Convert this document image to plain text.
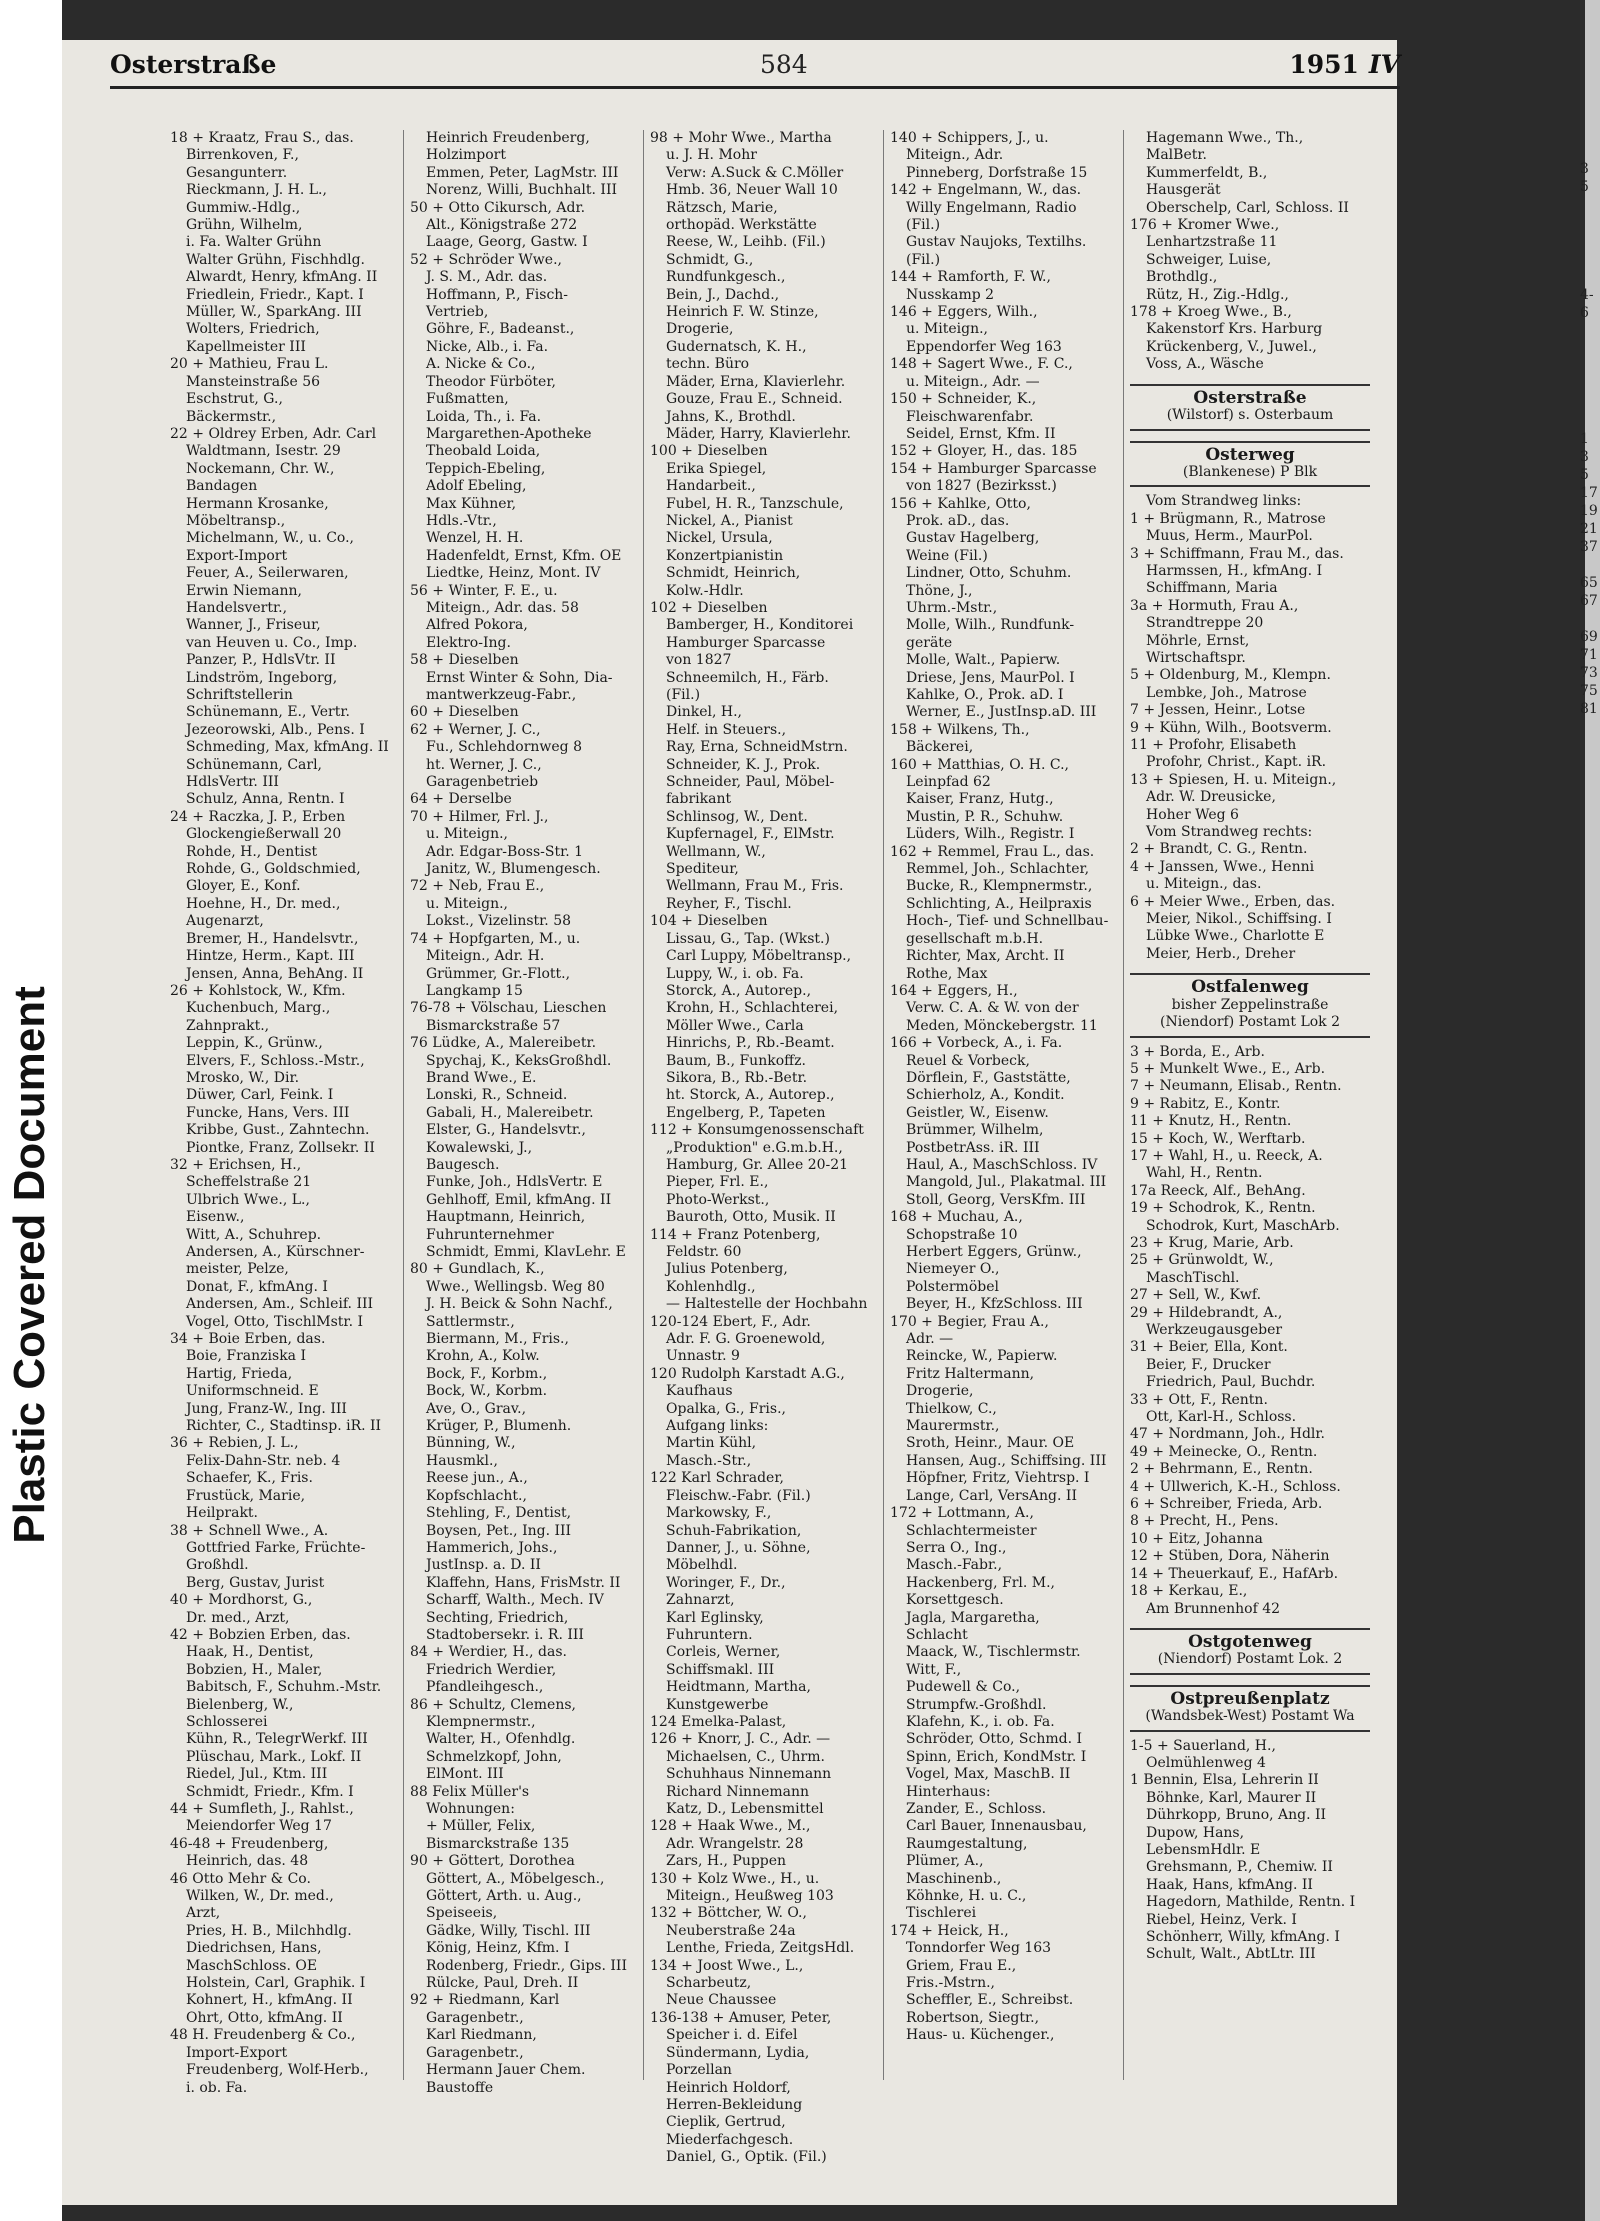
Plastic Covered Document
Osterstraße	584	1951 IV
18 + Kraatz, Frau S., das.
Birrenkoven, F.,
Gesangunterr.
Rieckmann, J. H. L.,
Gummiw.-Hdlg.,
Grühn, Wilhelm,
i. Fa. Walter Grühn
Walter Grühn, Fischhdlg.
Alwardt, Henry, kfmAng. II
Friedlein, Friedr., Kapt. I
Müller, W., SparkAng. III
Wolters, Friedrich,
Kapellmeister III
20 + Mathieu, Frau L.
Mansteinstraße 56
Eschstrut, G.,
Bäckermstr.,
22 + Oldrey Erben, Adr. Carl
Waldtmann, Isestr. 29
Nockemann, Chr. W.,
Bandagen
Hermann Krosanke,
Möbeltransp.,
Michelmann, W., u. Co.,
Export-Import
Feuer, A., Seilerwaren,
Erwin Niemann,
Handelsvertr.,
Wanner, J., Friseur,
van Heuven u. Co., Imp.
Panzer, P., HdlsVtr. II
Lindström, Ingeborg,
Schriftstellerin
Schünemann, E., Vertr.
Jezeorowski, Alb., Pens. I
Schmeding, Max, kfmAng. II
Schünemann, Carl,
HdlsVertr. III
Schulz, Anna, Rentn. I
24 + Raczka, J. P., Erben
Glockengießerwall 20
Rohde, H., Dentist
Rohde, G., Goldschmied,
Gloyer, E., Konf.
Hoehne, H., Dr. med.,
Augenarzt,
Bremer, H., Handelsvtr.,
Hintze, Herm., Kapt. III
Jensen, Anna, BehAng. II
26 + Kohlstock, W., Kfm.
Kuchenbuch, Marg.,
Zahnprakt.,
Leppin, K., Grünw.,
Elvers, F., Schloss.-Mstr.,
Mrosko, W., Dir.
Düwer, Carl, Feink. I
Funcke, Hans, Vers. III
Kribbe, Gust., Zahntechn.
Piontke, Franz, Zollsekr. II
32 + Erichsen, H.,
Scheffelstraße 21
Ulbrich Wwe., L.,
Eisenw.,
Witt, A., Schuhrep.
Andersen, A., Kürschner-
meister, Pelze,
Donat, F., kfmAng. I
Andersen, Am., Schleif. III
Vogel, Otto, TischlMstr. I
34 + Boie Erben, das.
Boie, Franziska I
Hartig, Frieda,
Uniformschneid. E
Jung, Franz-W., Ing. III
Richter, C., Stadtinsp. iR. II
36 + Rebien, J. L.,
Felix-Dahn-Str. neb. 4
Schaefer, K., Fris.
Frustück, Marie,
Heilprakt.
38 + Schnell Wwe., A.
Gottfried Farke, Früchte-
Großhdl.
Berg, Gustav, Jurist
40 + Mordhorst, G.,
Dr. med., Arzt,
42 + Bobzien Erben, das.
Haak, H., Dentist,
Bobzien, H., Maler,
Babitsch, F., Schuhm.-Mstr.
Bielenberg, W.,
Schlosserei
Kühn, R., TelegrWerkf. III
Plüschau, Mark., Lokf. II
Riedel, Jul., Ktm. III
Schmidt, Friedr., Kfm. I
44 + Sumfleth, J., Rahlst.,
Meiendorfer Weg 17
46-48 + Freudenberg,
Heinrich, das. 48
46 Otto Mehr & Co.
Wilken, W., Dr. med.,
Arzt,
Pries, H. B., Milchhdlg.
Diedrichsen, Hans,
MaschSchloss. OE
Holstein, Carl, Graphik. I
Kohnert, H., kfmAng. II
Ohrt, Otto, kfmAng. II
48 H. Freudenberg & Co.,
Import-Export
Freudenberg, Wolf-Herb.,
i. ob. Fa.
Heinrich Freudenberg,
Holzimport
Emmen, Peter, LagMstr. III
Norenz, Willi, Buchhalt. III
50 + Otto Cikursch, Adr.
Alt., Königstraße 272
Laage, Georg, Gastw. I
52 + Schröder Wwe.,
J. S. M., Adr. das.
Hoffmann, P., Fisch-
Vertrieb,
Göhre, F., Badeanst.,
Nicke, Alb., i. Fa.
A. Nicke & Co.,
Theodor Fürböter,
Fußmatten,
Loida, Th., i. Fa.
Margarethen-Apotheke
Theobald Loida,
Teppich-Ebeling,
Adolf Ebeling,
Max Kühner,
Hdls.-Vtr.,
Wenzel, H. H.
Hadenfeldt, Ernst, Kfm. OE
Liedtke, Heinz, Mont. IV
56 + Winter, F. E., u.
Miteign., Adr. das. 58
Alfred Pokora,
Elektro-Ing.
58 + Dieselben
Ernst Winter & Sohn, Dia-
mantwerkzeug-Fabr.,
60 + Dieselben
62 + Werner, J. C.,
Fu., Schlehdornweg 8
ht. Werner, J. C.,
Garagenbetrieb
64 + Derselbe
70 + Hilmer, Frl. J.,
u. Miteign.,
Adr. Edgar-Boss-Str. 1
Janitz, W., Blumengesch.
72 + Neb, Frau E.,
u. Miteign.,
Lokst., Vizelinstr. 58
74 + Hopfgarten, M., u.
Miteign., Adr. H.
Grümmer, Gr.-Flott.,
Langkamp 15
76-78 + Völschau, Lieschen
Bismarckstraße 57
76 Lüdke, A., Malereibetr.
Spychaj, K., KeksGroßhdl.
Brand Wwe., E.
Lonski, R., Schneid.
Gabali, H., Malereibetr.
Elster, G., Handelsvtr.,
Kowalewski, J.,
Baugesch.
Funke, Joh., HdlsVertr. E
Gehlhoff, Emil, kfmAng. II
Hauptmann, Heinrich,
Fuhrunternehmer
Schmidt, Emmi, KlavLehr. E
80 + Gundlach, K.,
Wwe., Wellingsb. Weg 80
J. H. Beick & Sohn Nachf.,
Sattlermstr.,
Biermann, M., Fris.,
Krohn, A., Kolw.
Bock, F., Korbm.,
Bock, W., Korbm.
Ave, O., Grav.,
Krüger, P., Blumenh.
Bünning, W.,
Hausmkl.,
Reese jun., A.,
Kopfschlacht.,
Stehling, F., Dentist,
Boysen, Pet., Ing. III
Hammerich, Johs.,
JustInsp. a. D. II
Klaffehn, Hans, FrisMstr. II
Scharff, Walth., Mech. IV
Sechting, Friedrich,
Stadtobersekr. i. R. III
84 + Werdier, H., das.
Friedrich Werdier,
Pfandleihgesch.,
86 + Schultz, Clemens,
Klempnermstr.,
Walter, H., Ofenhdlg.
Schmelzkopf, John,
ElMont. III
88 Felix Müller's
Wohnungen:
+ Müller, Felix,
Bismarckstraße 135
90 + Göttert, Dorothea
Göttert, A., Möbelgesch.,
Göttert, Arth. u. Aug.,
Speiseeis,
Gädke, Willy, Tischl. III
König, Heinz, Kfm. I
Rodenberg, Friedr., Gips. III
Rülcke, Paul, Dreh. II
92 + Riedmann, Karl
Garagenbetr.,
Karl Riedmann,
Garagenbetr.,
Hermann Jauer Chem.
Baustoffe
98 + Mohr Wwe., Martha
u. J. H. Mohr
Verw: A.Suck & C.Möller
Hmb. 36, Neuer Wall 10
Rätzsch, Marie,
orthopäd. Werkstätte
Reese, W., Leihb. (Fil.)
Schmidt, G.,
Rundfunkgesch.,
Bein, J., Dachd.,
Heinrich F. W. Stinze,
Drogerie,
Gudernatsch, K. H.,
techn. Büro
Mäder, Erna, Klavierlehr.
Gouze, Frau E., Schneid.
Jahns, K., Brothdl.
Mäder, Harry, Klavierlehr.
100 + Dieselben
Erika Spiegel,
Handarbeit.,
Fubel, H. R., Tanzschule,
Nickel, A., Pianist
Nickel, Ursula,
Konzertpianistin
Schmidt, Heinrich,
Kolw.-Hdlr.
102 + Dieselben
Bamberger, H., Konditorei
Hamburger Sparcasse
von 1827
Schneemilch, H., Färb.
(Fil.)
Dinkel, H.,
Helf. in Steuers.,
Ray, Erna, SchneidMstrn.
Schneider, K. J., Prok.
Schneider, Paul, Möbel-
fabrikant
Schlinsog, W., Dent.
Kupfernagel, F., ElMstr.
Wellmann, W.,
Spediteur,
Wellmann, Frau M., Fris.
Reyher, F., Tischl.
104 + Dieselben
Lissau, G., Tap. (Wkst.)
Carl Luppy, Möbeltransp.,
Luppy, W., i. ob. Fa.
Storck, A., Autorep.,
Krohn, H., Schlachterei,
Möller Wwe., Carla
Hinrichs, P., Rb.-Beamt.
Baum, B., Funkoffz.
Sikora, B., Rb.-Betr.
ht. Storck, A., Autorep.,
Engelberg, P., Tapeten
112 + Konsumgenossenschaft
„Produktion" e.G.m.b.H.,
Hamburg, Gr. Allee 20-21
Pieper, Frl. E.,
Photo-Werkst.,
Bauroth, Otto, Musik. II
114 + Franz Potenberg,
Feldstr. 60
Julius Potenberg,
Kohlenhdlg.,
— Haltestelle der Hochbahn
120-124 Ebert, F., Adr.
Adr. F. G. Groenewold,
Unnastr. 9
120 Rudolph Karstadt A.G.,
Kaufhaus
Opalka, G., Fris.,
Aufgang links:
Martin Kühl,
Masch.-Str.,
122 Karl Schrader,
Fleischw.-Fabr. (Fil.)
Markowsky, F.,
Schuh-Fabrikation,
Danner, J., u. Söhne,
Möbelhdl.
Woringer, F., Dr.,
Zahnarzt,
Karl Eglinsky,
Fuhruntern.
Corleis, Werner,
Schiffsmakl. III
Heidtmann, Martha,
Kunstgewerbe
124 Emelka-Palast,
126 + Knorr, J. C., Adr. —
Michaelsen, C., Uhrm.
Schuhhaus Ninnemann
Richard Ninnemann
Katz, D., Lebensmittel
128 + Haak Wwe., M.,
Adr. Wrangelstr. 28
Zars, H., Puppen
130 + Kolz Wwe., H., u.
Miteign., Heußweg 103
132 + Böttcher, W. O.,
Neuberstraße 24a
Lenthe, Frieda, ZeitgsHdl.
134 + Joost Wwe., L.,
Scharbeutz,
Neue Chaussee
136-138 + Amuser, Peter,
Speicher i. d. Eifel
Sündermann, Lydia,
Porzellan
Heinrich Holdorf,
Herren-Bekleidung
Cieplik, Gertrud,
Miederfachgesch.
Daniel, G., Optik. (Fil.)
140 + Schippers, J., u.
Miteign., Adr.
Pinneberg, Dorfstraße 15
142 + Engelmann, W., das.
Willy Engelmann, Radio
(Fil.)
Gustav Naujoks, Textilhs.
(Fil.)
144 + Ramforth, F. W.,
Nusskamp 2
146 + Eggers, Wilh.,
u. Miteign.,
Eppendorfer Weg 163
148 + Sagert Wwe., F. C.,
u. Miteign., Adr. —
150 + Schneider, K.,
Fleischwarenfabr.
Seidel, Ernst, Kfm. II
152 + Gloyer, H., das. 185
154 + Hamburger Sparcasse
von 1827 (Bezirksst.)
156 + Kahlke, Otto,
Prok. aD., das.
Gustav Hagelberg,
Weine (Fil.)
Lindner, Otto, Schuhm.
Thöne, J.,
Uhrm.-Mstr.,
Molle, Wilh., Rundfunk-
geräte
Molle, Walt., Papierw.
Driese, Jens, MaurPol. I
Kahlke, O., Prok. aD. I
Werner, E., JustInsp.aD. III
158 + Wilkens, Th.,
Bäckerei,
160 + Matthias, O. H. C.,
Leinpfad 62
Kaiser, Franz, Hutg.,
Mustin, P. R., Schuhw.
Lüders, Wilh., Registr. I
162 + Remmel, Frau L., das.
Remmel, Joh., Schlachter,
Bucke, R., Klempnermstr.,
Schlichting, A., Heilpraxis
Hoch-, Tief- und Schnellbau-
gesellschaft m.b.H.
Richter, Max, Archt. II
Rothe, Max
164 + Eggers, H.,
Verw. C. A. & W. von der
Meden, Mönckebergstr. 11
166 + Vorbeck, A., i. Fa.
Reuel & Vorbeck,
Dörflein, F., Gaststätte,
Schierholz, A., Kondit.
Geistler, W., Eisenw.
Brümmer, Wilhelm,
PostbetrAss. iR. III
Haul, A., MaschSchloss. IV
Mangold, Jul., Plakatmal. III
Stoll, Georg, VersKfm. III
168 + Muchau, A.,
Schopstraße 10
Herbert Eggers, Grünw.,
Niemeyer O.,
Polstermöbel
Beyer, H., KfzSchloss. III
170 + Begier, Frau A.,
Adr. —
Reincke, W., Papierw.
Fritz Haltermann,
Drogerie,
Thielkow, C.,
Maurermstr.,
Sroth, Heinr., Maur. OE
Hansen, Aug., Schiffsing. III
Höpfner, Fritz, Viehtrsp. I
Lange, Carl, VersAng. II
172 + Lottmann, A.,
Schlachtermeister
Serra O., Ing.,
Masch.-Fabr.,
Hackenberg, Frl. M.,
Korsettgesch.
Jagla, Margaretha,
Schlacht
Maack, W., Tischlermstr.
Witt, F.,
Pudewell & Co.,
Strumpfw.-Großhdl.
Klafehn, K., i. ob. Fa.
Schröder, Otto, Schmd. I
Spinn, Erich, KondMstr. I
Vogel, Max, MaschB. II
Hinterhaus:
Zander, E., Schloss.
Carl Bauer, Innenausbau,
Raumgestaltung,
Plümer, A.,
Maschinenb.,
Köhnke, H. u. C.,
Tischlerei
174 + Heick, H.,
Tonndorfer Weg 163
Griem, Frau E.,
Fris.-Mstrn.,
Scheffler, E., Schreibst.
Robertson, Siegtr.,
Haus- u. Küchenger.,
Hagemann Wwe., Th.,
MalBetr.
Kummerfeldt, B.,
Hausgerät
Oberschelp, Carl, Schloss. II
176 + Kromer Wwe.,
Lenhartzstraße 11
Schweiger, Luise,
Brothdlg.,
Rütz, H., Zig.-Hdlg.,
178 + Kroeg Wwe., B.,
Kakenstorf Krs. Harburg
Krückenberg, V., Juwel.,
Voss, A., Wäsche
Osterstraße
(Wilstorf) s. Osterbaum
Osterweg
(Blankenese) P Blk
Vom Strandweg links:
1 + Brügmann, R., Matrose
Muus, Herm., MaurPol.
3 + Schiffmann, Frau M., das.
Harmssen, H., kfmAng. I
Schiffmann, Maria
3a + Hormuth, Frau A.,
Strandtreppe 20
Möhrle, Ernst,
Wirtschaftspr.
5 + Oldenburg, M., Klempn.
Lembke, Joh., Matrose
7 + Jessen, Heinr., Lotse
9 + Kühn, Wilh., Bootsverm.
11 + Profohr, Elisabeth
Profohr, Christ., Kapt. iR.
13 + Spiesen, H. u. Miteign.,
Adr. W. Dreusicke,
Hoher Weg 6
Vom Strandweg rechts:
2 + Brandt, C. G., Rentn.
4 + Janssen, Wwe., Henni
u. Miteign., das.
6 + Meier Wwe., Erben, das.
Meier, Nikol., Schiffsing. I
Lübke Wwe., Charlotte E
Meier, Herb., Dreher
Ostfalenweg
bisher Zeppelinstraße
(Niendorf) Postamt Lok 2
3 + Borda, E., Arb.
5 + Munkelt Wwe., E., Arb.
7 + Neumann, Elisab., Rentn.
9 + Rabitz, E., Kontr.
11 + Knutz, H., Rentn.
15 + Koch, W., Werftarb.
17 + Wahl, H., u. Reeck, A.
Wahl, H., Rentn.
17a Reeck, Alf., BehAng.
19 + Schodrok, K., Rentn.
Schodrok, Kurt, MaschArb.
23 + Krug, Marie, Arb.
25 + Grünwoldt, W.,
MaschTischl.
27 + Sell, W., Kwf.
29 + Hildebrandt, A.,
Werkzeugausgeber
31 + Beier, Ella, Kont.
Beier, F., Drucker
Friedrich, Paul, Buchdr.
33 + Ott, F., Rentn.
Ott, Karl-H., Schloss.
47 + Nordmann, Joh., Hdlr.
49 + Meinecke, O., Rentn.
2 + Behrmann, E., Rentn.
4 + Ullwerich, K.-H., Schloss.
6 + Schreiber, Frieda, Arb.
8 + Precht, H., Pens.
10 + Eitz, Johanna
12 + Stüben, Dora, Näherin
14 + Theuerkauf, E., HafArb.
18 + Kerkau, E.,
Am Brunnenhof 42
Ostgotenweg
(Niendorf) Postamt Lok. 2
Ostpreußenplatz
(Wandsbek-West) Postamt Wa
1-5 + Sauerland, H.,
Oelmühlenweg 4
1 Bennin, Elsa, Lehrerin II
Böhnke, Karl, Maurer II
Dührkopp, Bruno, Ang. II
Dupow, Hans,
LebensmHdlr. E
Grehsmann, P., Chemiw. II
Haak, Hans, kfmAng. II
Hagedorn, Mathilde, Rentn. I
Riebel, Heinz, Verk. I
Schönherr, Willy, kfmAng. I
Schult, Walt., AbtLtr. III
3
5

4-
6

1
3
5
17
19
21
37

65
67

69
71
73
75
81
